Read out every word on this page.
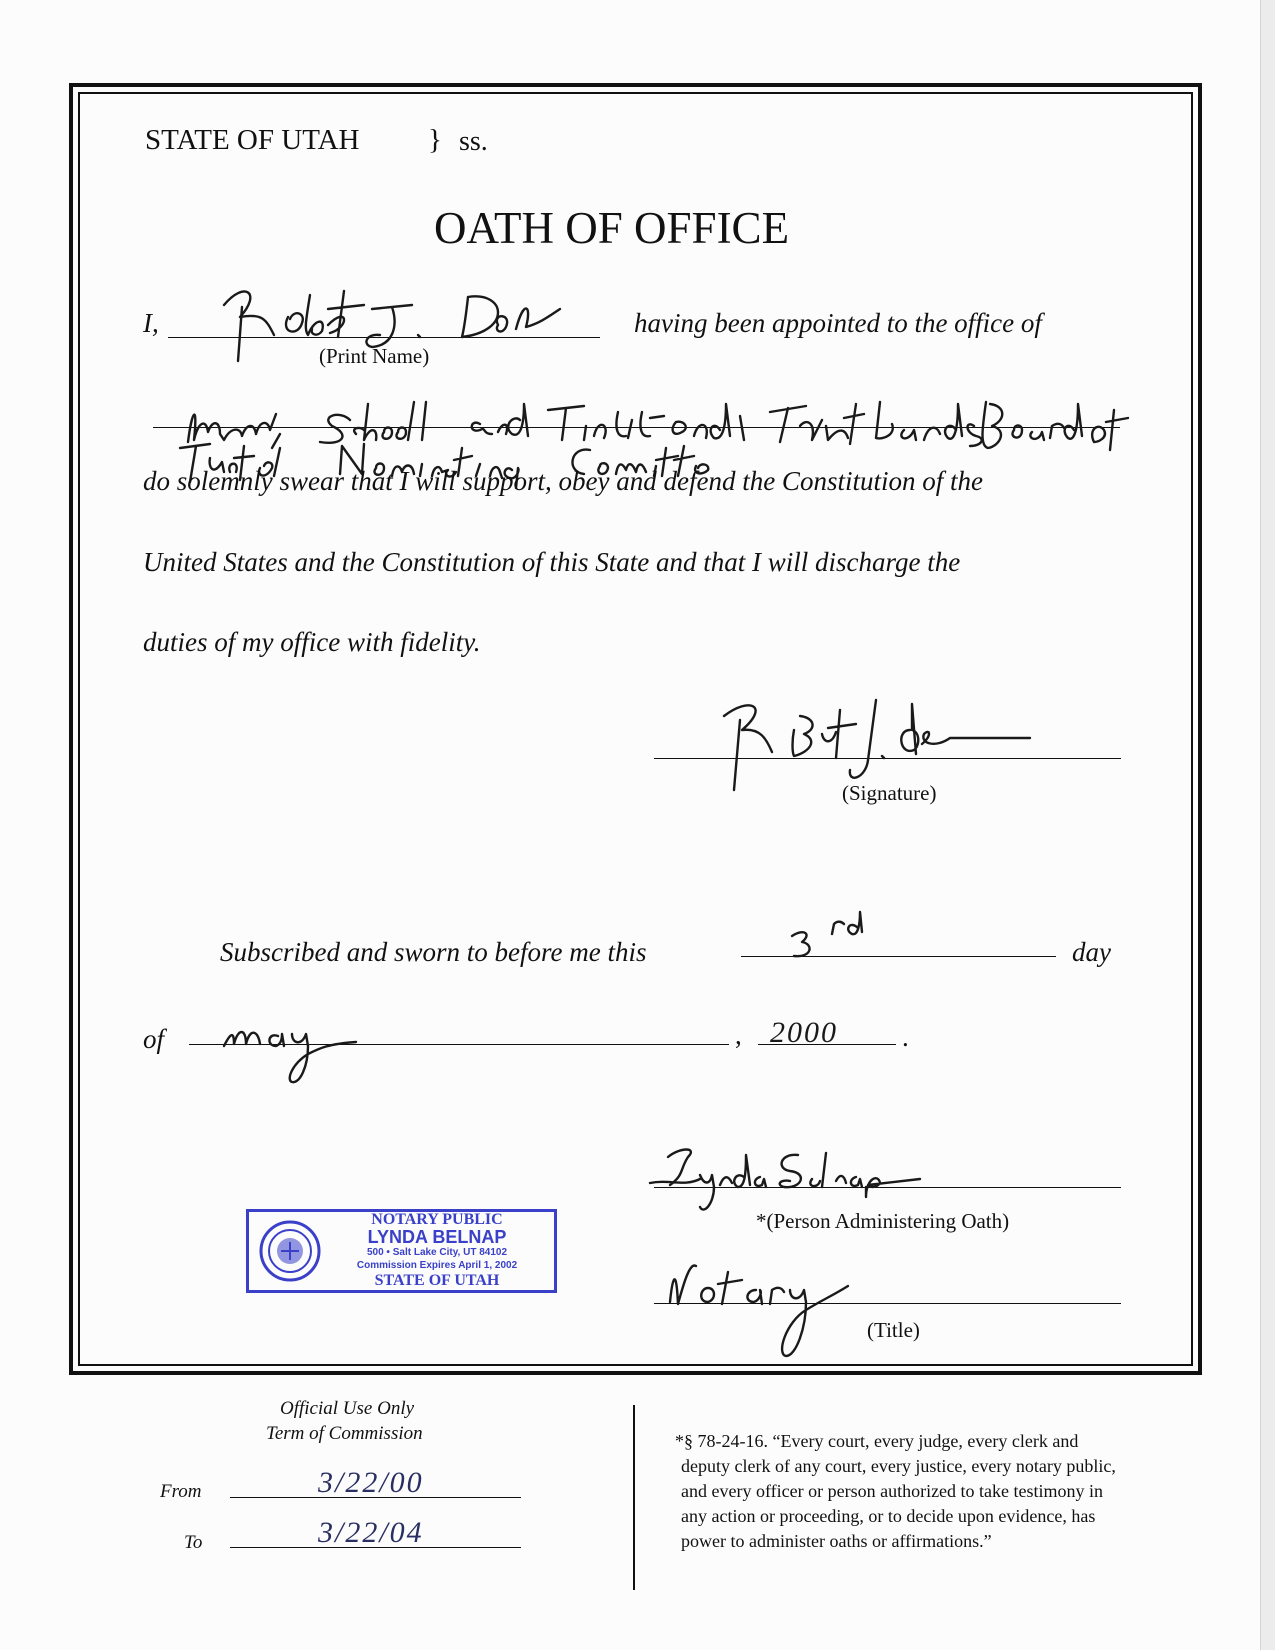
STATE OF UTAH } ss.
OATH OF OFFICE
I,
(Print Name)
having been appointed to the office of
do solemnly swear that I will support, obey and defend the Constitution of the
United States and the Constitution of this State and that I will discharge the
duties of my office with fidelity.
(Signature)
Subscribed and sworn to before me this	day
of	, 2000 .
*(Person Administering Oath)
NOTARY PUBLIC
LYNDA BELNAP
500 • Salt Lake City, UT 84102
Commission Expires April 1, 2002
STATE OF UTAH
(Title)
Official Use Only
Term of Commission
From	3/22/00
To	3/22/04
*§ 78-24-16. “Every court, every judge, every clerk and
deputy clerk of any court, every justice, every notary public,
and every officer or person authorized to take testimony in
any action or proceeding, or to decide upon evidence, has
power to administer oaths or affirmations.”
